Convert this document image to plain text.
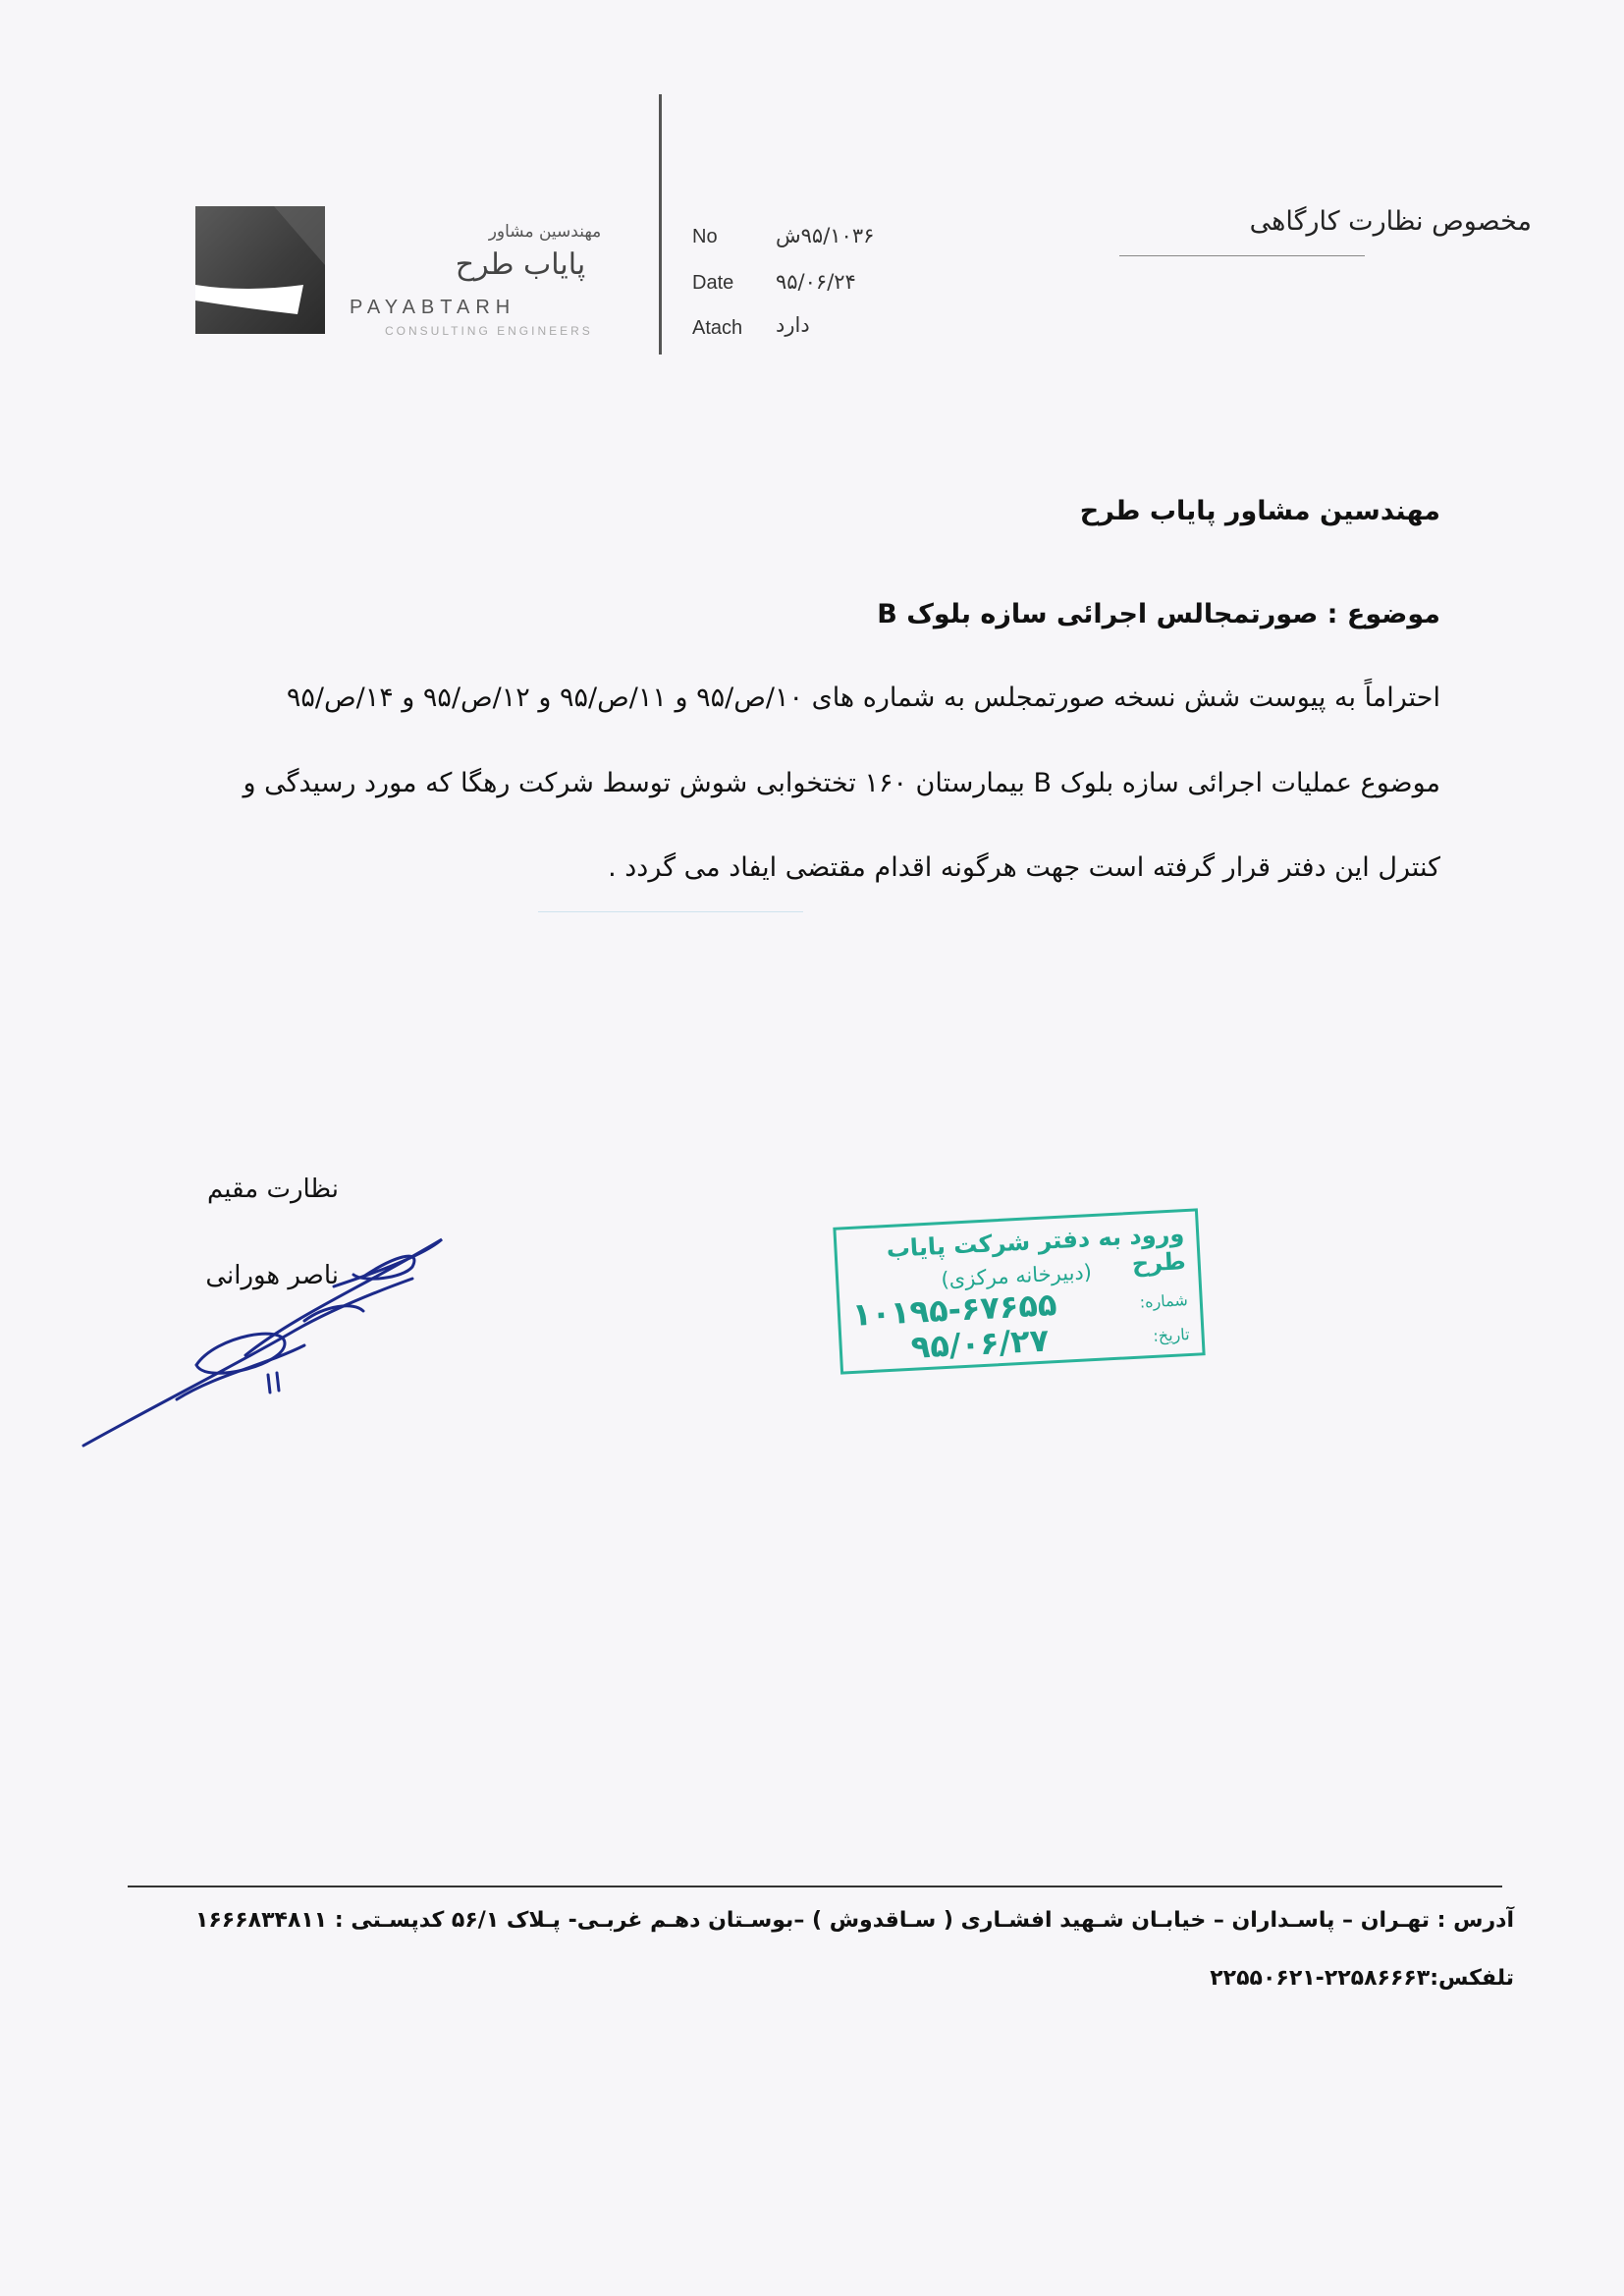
مهندسین مشاور
پایاب طرح
PAYABTARH
CONSULTING ENGINEERS
No	۹۵/۱۰۳۶ش
Date ۹۵/۰۶/۲۴
Atach دارد
مخصوص نظارت کارگاهی
مهندسین مشاور پایاب طرح
موضوع : صورتمجالس اجرائی سازه بلوک B
احتراماً به پیوست شش نسخه صورتمجلس به شماره های ۱۰/ص/۹۵ و ۱۱/ص/۹۵ و ۱۲/ص/۹۵ و ۱۴/ص/۹۵
موضوع عملیات اجرائی سازه بلوک B بیمارستان ۱۶۰ تختخوابی شوش توسط شرکت رهگا که مورد رسیدگی و
کنترل این دفتر قرار گرفته است جهت هرگونه اقدام مقتضی ایفاد می گردد .
نظارت مقیم
ناصر هورانی
ورود به دفتر شرکت پایاب طرح
(دبیرخانه مرکزی)
شماره:
۱۰۱۹۵-۶۷۶۵۵
تاریخ:
۹۵/۰۶/۲۷
آدرس : تهـران – پاسـداران – خیابـان شـهید افشـاری ( سـاقدوش ) –بوسـتان دهـم غربـی- پـلاک ۵۶/۱ کدپسـتی : ۱۶۶۶۸۳۴۸۱۱
تلفکس:۲۲۵۸۶۶۶۳-۲۲۵۵۰۶۲۱
